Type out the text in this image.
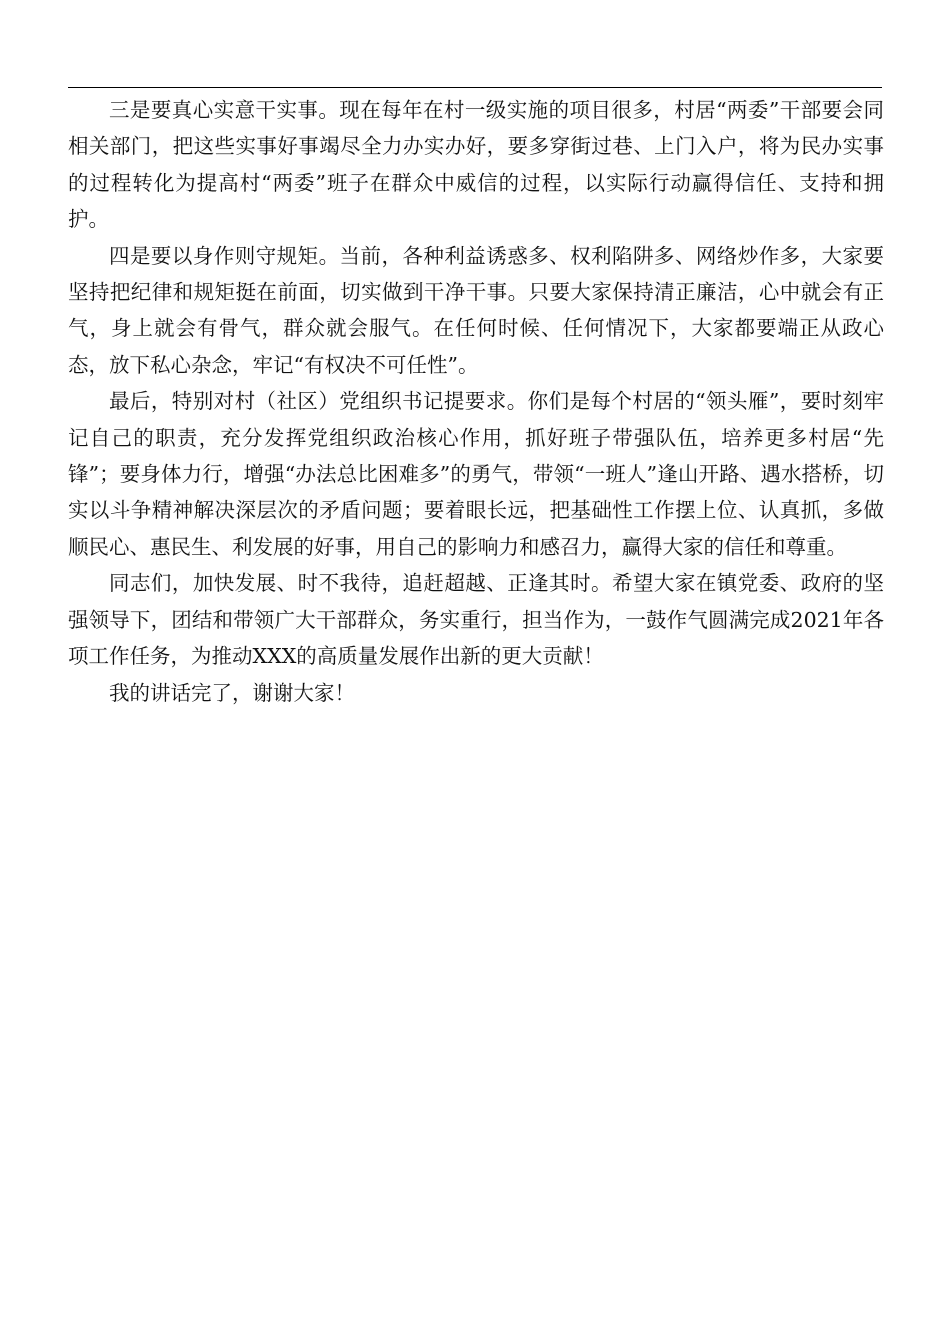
三是要真心实意干实事。现在每年在村一级实施的项目很多，村居“两委”干部要会同相关部门，把这些实事好事竭尽全力办实办好，要多穿街过巷、上门入户，将为民办实事的过程转化为提高村“两委”班子在群众中威信的过程，以实际行动赢得信任、支持和拥护。

四是要以身作则守规矩。当前，各种利益诱惑多、权利陷阱多、网络炒作多，大家要坚持把纪律和规矩挺在前面，切实做到干净干事。只要大家保持清正廉洁，心中就会有正气，身上就会有骨气，群众就会服气。在任何时候、任何情况下，大家都要端正从政心态，放下私心杂念，牢记“有权决不可任性”。

最后，特别对村（社区）党组织书记提要求。你们是每个村居的“领头雁”，要时刻牢记自己的职责，充分发挥党组织政治核心作用，抓好班子带强队伍，培养更多村居“先锋”；要身体力行，增强“办法总比困难多”的勇气，带领“一班人”逢山开路、遇水搭桥，切实以斗争精神解决深层次的矛盾问题；要着眼长远，把基础性工作摆上位、认真抓，多做顺民心、惠民生、利发展的好事，用自己的影响力和感召力，赢得大家的信任和尊重。

同志们，加快发展、时不我待，追赶超越、正逢其时。希望大家在镇党委、政府的坚强领导下，团结和带领广大干部群众，务实重行，担当作为，一鼓作气圆满完成2021年各项工作任务，为推动XXX的高质量发展作出新的更大贡献！

我的讲话完了，谢谢大家！
